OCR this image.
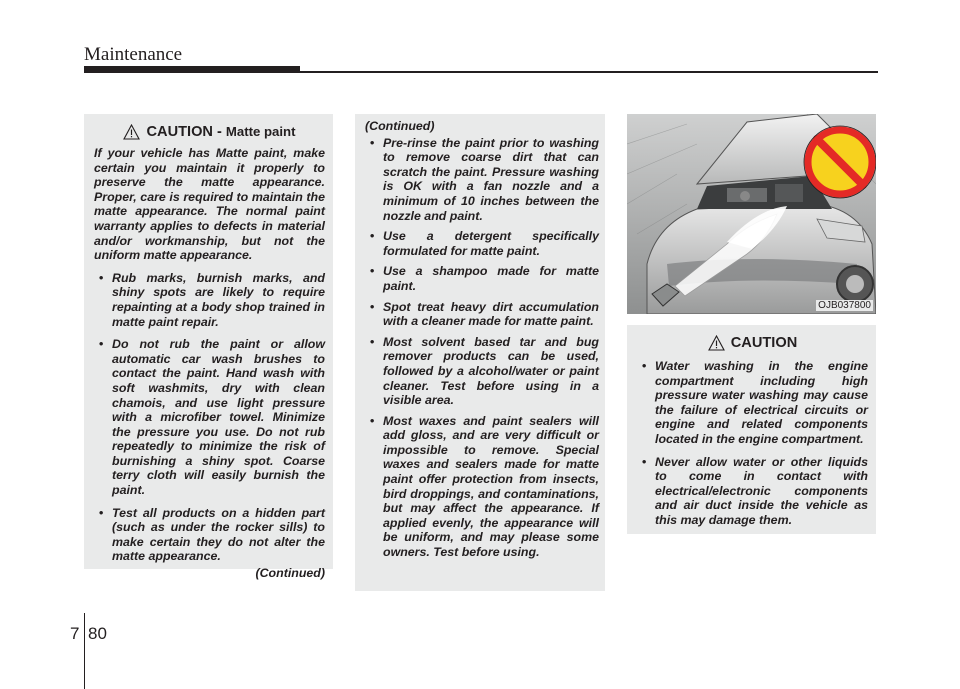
Maintenance
CAUTION - Matte paint

If your vehicle has Matte paint, make certain you maintain it properly to preserve the matte appearance. Proper, care is required to maintain the matte appearance. The normal paint warranty applies to defects in material and/or workmanship, but not the uniform matte appearance.

• Rub marks, burnish marks, and shiny spots are likely to require repainting at a body shop trained in matte paint repair.
• Do not rub the paint or allow automatic car wash brushes to contact the paint. Hand wash with soft washmits, dry with clean chamois, and use light pressure with a microfiber towel. Minimize the pressure you use. Do not rub repeatedly to minimize the risk of burnishing a shiny spot. Coarse terry cloth will easily burnish the paint.
• Test all products on a hidden part (such as under the rocker sills) to make certain they do not alter the matte appearance.

(Continued)

(Continued)

• Pre-rinse the paint prior to washing to remove coarse dirt that can scratch the paint. Pressure washing is OK with a fan nozzle and a minimum of 10 inches between the nozzle and paint.
• Use a detergent specifically formulated for matte paint.
• Use a shampoo made for matte paint.
• Spot treat heavy dirt accumulation with a cleaner made for matte paint.
• Most solvent based tar and bug remover products can be used, followed by a alcohol/water or paint cleaner. Test before using in a visible area.
• Most waxes and paint sealers will add gloss, and are very difficult or impossible to remove. Special waxes and sealers made for matte paint offer protection from insects, bird droppings, and contaminations, but may affect the appearance. If applied evenly, the appearance will be uniform, and may please some owners. Test before using.
OJB037800
CAUTION
• Water washing in the engine compartment including high pressure water washing may cause the failure of electrical circuits or engine and related components located in the engine compartment.
• Never allow water or other liquids to come in contact with electrical/electronic components and air duct inside the vehicle as this may damage them.
7 80
